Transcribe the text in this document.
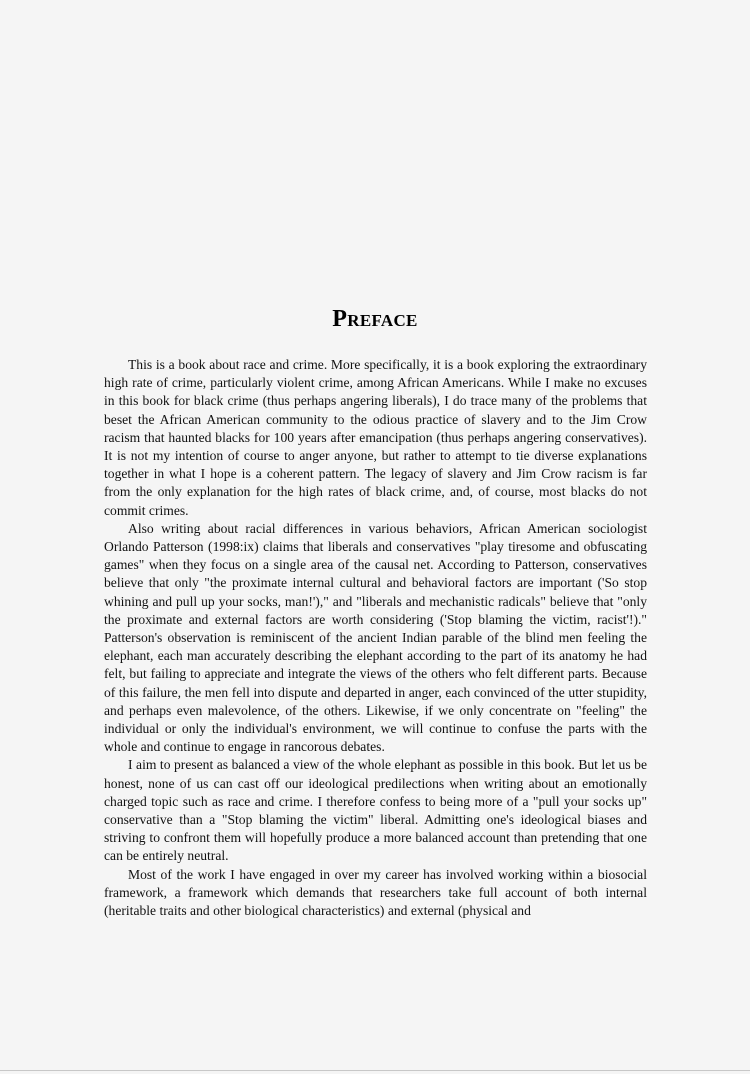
Preface

This is a book about race and crime. More specifically, it is a book exploring the extraordinary high rate of crime, particularly violent crime, among African Americans. While I make no excuses in this book for black crime (thus perhaps angering liberals), I do trace many of the problems that beset the African American community to the odious practice of slavery and to the Jim Crow racism that haunted blacks for 100 years after emancipation (thus perhaps angering conservatives). It is not my intention of course to anger anyone, but rather to attempt to tie diverse explanations together in what I hope is a coherent pattern. The legacy of slavery and Jim Crow racism is far from the only explanation for the high rates of black crime, and, of course, most blacks do not commit crimes.

Also writing about racial differences in various behaviors, African American sociologist Orlando Patterson (1998:ix) claims that liberals and conservatives "play tiresome and obfuscating games" when they focus on a single area of the causal net. According to Patterson, conservatives believe that only "the proximate internal cultural and behavioral factors are important ('So stop whining and pull up your socks, man!')," and "liberals and mechanistic radicals" believe that "only the proximate and external factors are worth considering ('Stop blaming the victim, racist'!)." Patterson's observation is reminiscent of the ancient Indian parable of the blind men feeling the elephant, each man accurately describing the elephant according to the part of its anatomy he had felt, but failing to appreciate and integrate the views of the others who felt different parts. Because of this failure, the men fell into dispute and departed in anger, each convinced of the utter stupidity, and perhaps even malevolence, of the others. Likewise, if we only concentrate on "feeling" the individual or only the individual's environment, we will continue to confuse the parts with the whole and continue to engage in rancorous debates.

I aim to present as balanced a view of the whole elephant as possible in this book. But let us be honest, none of us can cast off our ideological predilections when writing about an emotionally charged topic such as race and crime. I therefore confess to being more of a "pull your socks up" conservative than a "Stop blaming the victim" liberal. Admitting one's ideological biases and striving to confront them will hopefully produce a more balanced account than pretending that one can be entirely neutral.

Most of the work I have engaged in over my career has involved working within a biosocial framework, a framework which demands that researchers take full account of both internal (heritable traits and other biological characteristics) and external (physical and
